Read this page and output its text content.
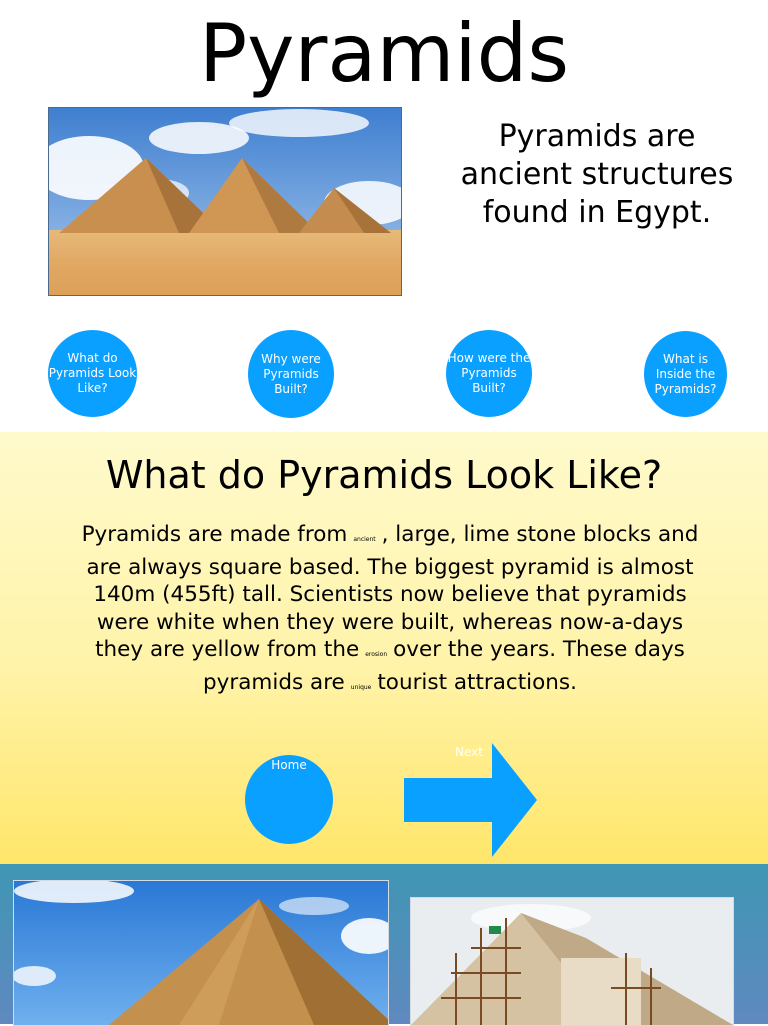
Pyramids
Pyramids are ancient structures found in Egypt.
What do Pyramids Look Like?
Why were Pyramids Built?
How were the Pyramids Built?
What is Inside the Pyramids?
What do Pyramids Look Like?
Pyramids are made from ancient , large, lime stone blocks and are always square based. The biggest pyramid is almost 140m (455ft) tall. Scientists now believe that pyramids were white when they were built, whereas now-a-days they are yellow from the erosion over the years. These days pyramids are unique tourist attractions.
Home
Next
